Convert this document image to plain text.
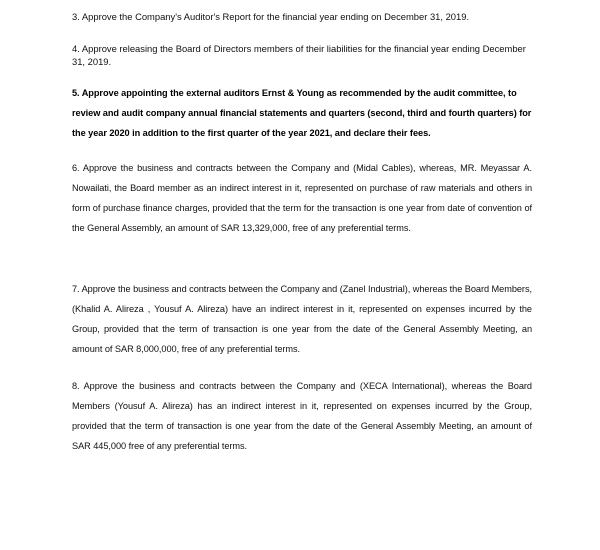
3. Approve the Company's Auditor's Report for the financial year ending on December 31, 2019.

4. Approve releasing the Board of Directors members of their liabilities for the financial year ending December 31, 2019.

5. Approve appointing the external auditors Ernst & Young as recommended by the audit committee, to review and audit company annual financial statements and quarters (second, third and fourth quarters) for the year 2020 in addition to the first quarter of the year 2021, and declare their fees.

6. Approve the business and contracts between the Company and (Midal Cables), whereas, MR. Meyassar A. Nowailati, the Board member as an indirect interest in it, represented on purchase of raw materials and others in form of purchase finance charges, provided that the term for the transaction is one year from date of convention of the General Assembly, an amount of SAR 13,329,000, free of any preferential terms.

7. Approve the business and contracts between the Company and (Zanel Industrial), whereas the Board Members, (Khalid A. Alireza , Yousuf A. Alireza) have an indirect interest in it, represented on expenses incurred by the Group, provided that the term of transaction is one year from the date of the General Assembly Meeting, an amount of SAR 8,000,000, free of any preferential terms.

8. Approve the business and contracts between the Company and (XECA International), whereas the Board Members (Yousuf A. Alireza) has an indirect interest in it, represented on expenses incurred by the Group, provided that the term of transaction is one year from the date of the General Assembly Meeting, an amount of SAR 445,000 free of any preferential terms.
